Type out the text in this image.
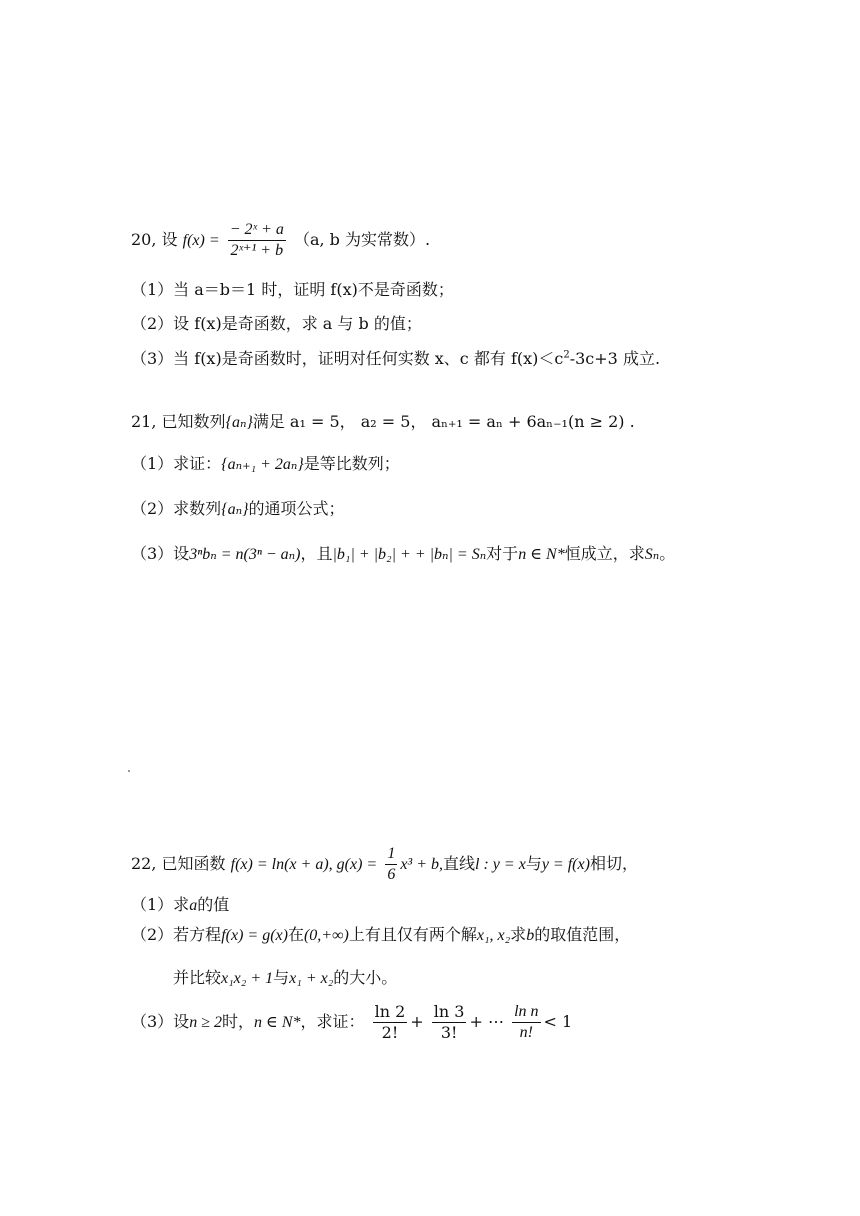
20, 设 $f(x) = \frac{\text{− 2ˣ + a}}{\text{2ˣ⁺¹ + b}} (a$, b 为实常数）.
（1）当 a＝b＝1 时，证明 f(x)不是奇函数；
（2）设 f(x)是奇函数，求 a 与 b 的值；
（3）当 f(x)是奇函数时，证明对任何实数 x、c 都有 $f(x)<c^2-3c+3$ 成立.
21, 已知数列{aₙ}满足 a₁ = 5， a₂ = 5， aₙ₊₁ = aₙ + 6aₙ₋₁(n ≥ 2) .
（1）求证：{aₙ₊₁ + 2aₙ}是等比数列；
（2）求数列{aₙ}的通项公式；
（3）设3ⁿbₙ = n(3ⁿ − aₙ)，且|b₁| + |b₂| + + |bₙ| = Sₙ对于n ∈ N*恒成立，求Sₙ。
22, 已知函数 f(x) = ln(x + a), $g(x) = \frac{1}{6} x^3 + b$,直线l : y = x与y = f(x)相切，
（1）求a的值
（2）若方程f(x) = g(x)在(0,+∞)上有且仅有两个解x₁, x₂求b的取值范围，
并比较x₁x₂ + 1与x₁ + x₂的大小。
（3）设n ≥ 2时，n ∈ N*，求证： $\frac{\ln 2}{2!} + \frac{\ln 3}{3!}$ + ⋯ $\frac{\text{ln n}}{n!} < 1$
